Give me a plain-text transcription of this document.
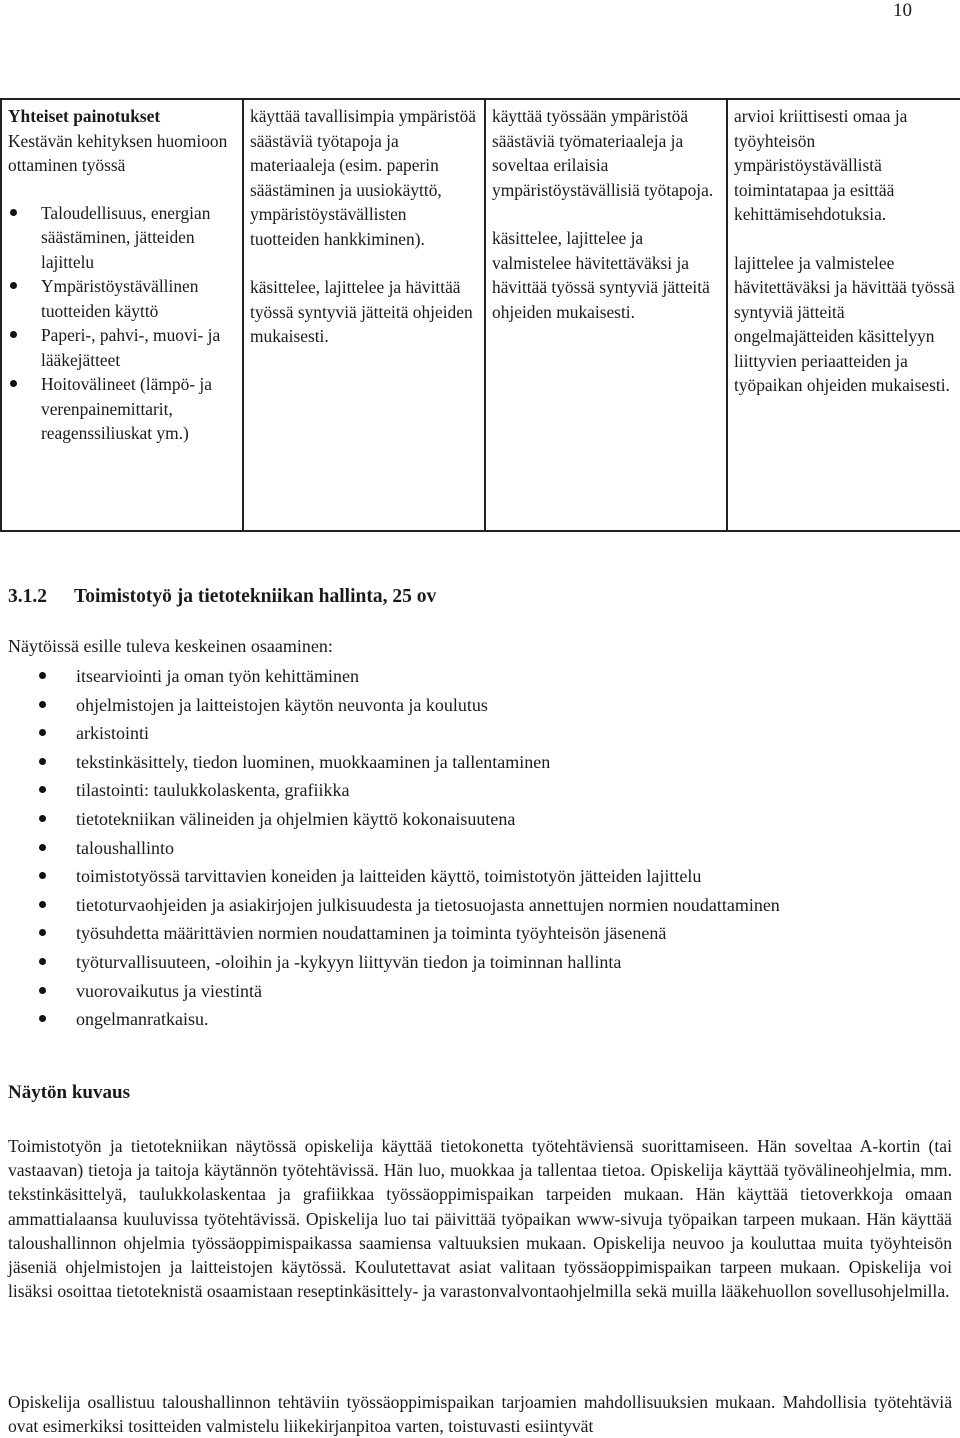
10
Yhteiset painotukset
Kestävän kehityksen huomioon ottaminen työssä
Taloudellisuus, energian säästäminen, jätteiden lajittelu
Ympäristöystävällinen tuotteiden käyttö
Paperi-, pahvi-, muovi- ja lääkejätteet
Hoitovälineet (lämpö- ja verenpainemittarit, reagenssiliuskat ym.)

käyttää tavallisimpia ympäristöä säästäviä työtapoja ja materiaaleja (esim. paperin säästäminen ja uusiokäyttö, ympäristöystävällisten tuotteiden hankkiminen).
käsittelee, lajittelee ja hävittää työssä syntyviä jätteitä ohjeiden mukaisesti.

käyttää työssään ympäristöä säästäviä työmateriaaleja ja soveltaa erilaisia ympäristöystävällisiä työtapoja.
käsittelee, lajittelee ja valmistelee hävitettäväksi ja hävittää työssä syntyviä jätteitä ohjeiden mukaisesti.

arvioi kriittisesti omaa ja työyhteisön ympäristöystävällistä toimintatapaa ja esittää kehittämisehdotuksia.
lajittelee ja valmistelee hävitettäväksi ja hävittää työssä syntyviä jätteitä ongelmajätteiden käsittelyyn liittyvien periaatteiden ja työpaikan ohjeiden mukaisesti.
3.1.2 Toimistotyö ja tietotekniikan hallinta, 25 ov
Näytöissä esille tuleva keskeinen osaaminen:
itsearviointi ja oman työn kehittäminen
ohjelmistojen ja laitteistojen käytön neuvonta ja koulutus
arkistointi
tekstinkäsittely, tiedon luominen, muokkaaminen ja tallentaminen
tilastointi: taulukkolaskenta, grafiikka
tietotekniikan välineiden ja ohjelmien käyttö kokonaisuutena
taloushallinto
toimistotyössä tarvittavien koneiden ja laitteiden käyttö, toimistotyön jätteiden lajittelu
tietoturvaohjeiden ja asiakirjojen julkisuudesta ja tietosuojasta annettujen normien noudattaminen
työsuhdetta määrittävien normien noudattaminen ja toiminta työyhteisön jäsenenä
työturvallisuuteen, -oloihin ja -kykyyn liittyvän tiedon ja toiminnan hallinta
vuorovaikutus ja viestintä
ongelmanratkaisu.
Näytön kuvaus
Toimistotyön ja tietotekniikan näytössä opiskelija käyttää tietokonetta työtehtäviensä suorittamiseen. Hän soveltaa A-kortin (tai vastaavan) tietoja ja taitoja käytännön työtehtävissä. Hän luo, muokkaa ja tallentaa tietoa. Opiskelija käyttää työvälineohjelmia, mm. tekstinkäsittelyä, taulukkolaskentaa ja grafiikkaa työssäoppimispaikan tarpeiden mukaan. Hän käyttää tietoverkkoja omaan ammattialaansa kuuluvissa työtehtävissä. Opiskelija luo tai päivittää työpaikan www-sivuja työpaikan tarpeen mukaan. Hän käyttää taloushallinnon ohjelmia työssäoppimispaikassa saamiensa valtuuksien mukaan. Opiskelija neuvoo ja kouluttaa muita työyhteisön jäseniä ohjelmistojen ja laitteistojen käytössä. Koulutettavat asiat valitaan työssäoppimispaikan tarpeen mukaan. Opiskelija voi lisäksi osoittaa tietoteknistä osaamistaan reseptinkäsittely- ja varastonvalvontaohjelmilla sekä muilla lääkehuollon sovellusohjelmilla.
Opiskelija osallistuu taloushallinnon tehtäviin työssäoppimispaikan tarjoamien mahdollisuuksien mukaan. Mahdollisia työtehtäviä ovat esimerkiksi tositteiden valmistelu liikekirjanpitoa varten, toistuvasti esiintyvät
